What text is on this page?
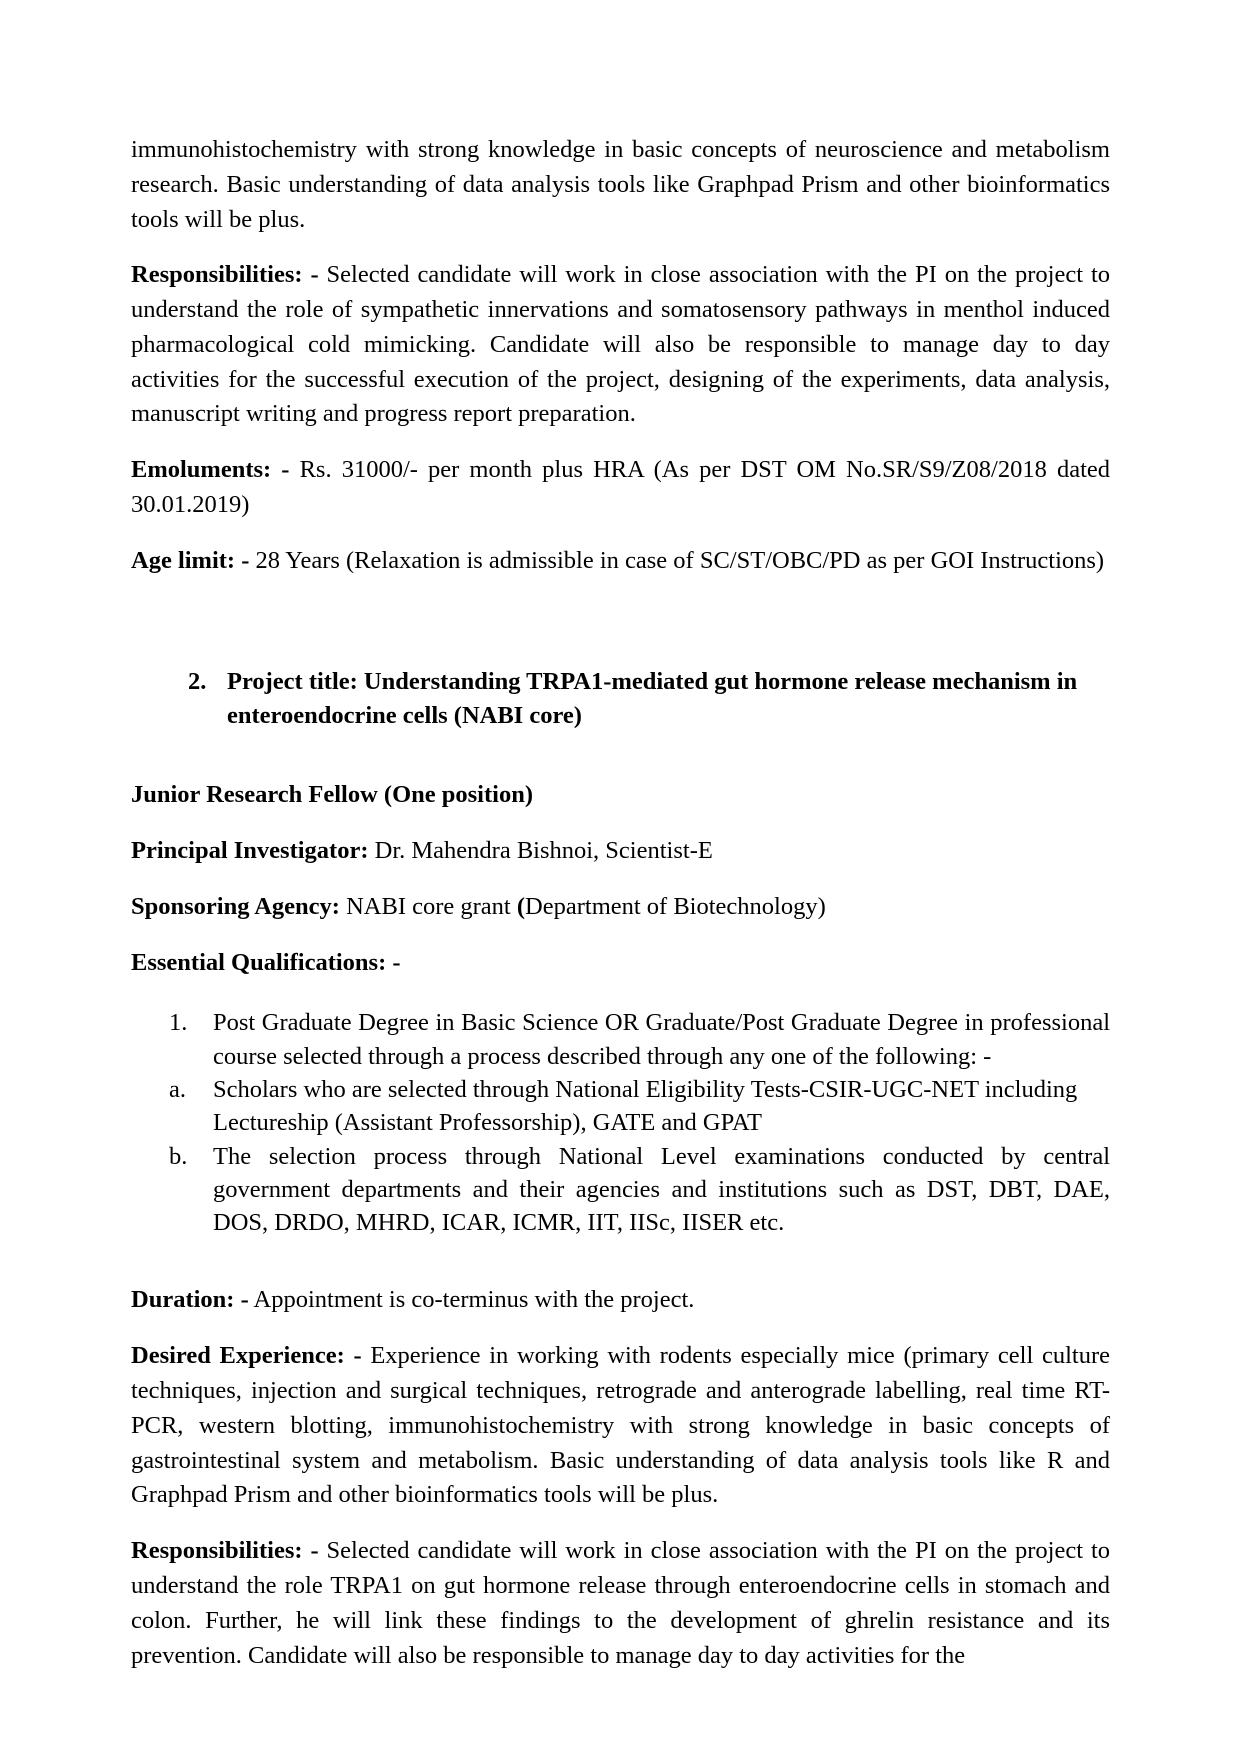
immunohistochemistry with strong knowledge in basic concepts of neuroscience and metabolism research. Basic understanding of data analysis tools like Graphpad Prism and other bioinformatics tools will be plus.

Responsibilities: - Selected candidate will work in close association with the PI on the project to understand the role of sympathetic innervations and somatosensory pathways in menthol induced pharmacological cold mimicking. Candidate will also be responsible to manage day to day activities for the successful execution of the project, designing of the experiments, data analysis, manuscript writing and progress report preparation.

Emoluments: - Rs. 31000/- per month plus HRA (As per DST OM No.SR/S9/Z08/2018 dated 30.01.2019)

Age limit: - 28 Years (Relaxation is admissible in case of SC/ST/OBC/PD as per GOI Instructions)

2. Project title: Understanding TRPA1-mediated gut hormone release mechanism in enteroendocrine cells (NABI core)

Junior Research Fellow (One position)

Principal Investigator: Dr. Mahendra Bishnoi, Scientist-E

Sponsoring Agency: NABI core grant (Department of Biotechnology)

Essential Qualifications: -

1.	Post Graduate Degree in Basic Science OR Graduate/Post Graduate Degree in professional course selected through a process described through any one of the following: -
a.	Scholars who are selected through National Eligibility Tests-CSIR-UGC-NET including Lectureship (Assistant Professorship), GATE and GPAT
b.	The selection process through National Level examinations conducted by central government departments and their agencies and institutions such as DST, DBT, DAE, DOS, DRDO, MHRD, ICAR, ICMR, IIT, IISc, IISER etc.

Duration: - Appointment is co-terminus with the project.

Desired Experience: - Experience in working with rodents especially mice (primary cell culture techniques, injection and surgical techniques, retrograde and anterograde labelling, real time RT-PCR, western blotting, immunohistochemistry with strong knowledge in basic concepts of gastrointestinal system and metabolism. Basic understanding of data analysis tools like R and Graphpad Prism and other bioinformatics tools will be plus.

Responsibilities: - Selected candidate will work in close association with the PI on the project to understand the role TRPA1 on gut hormone release through enteroendocrine cells in stomach and colon. Further, he will link these findings to the development of ghrelin resistance and its prevention. Candidate will also be responsible to manage day to day activities for the
